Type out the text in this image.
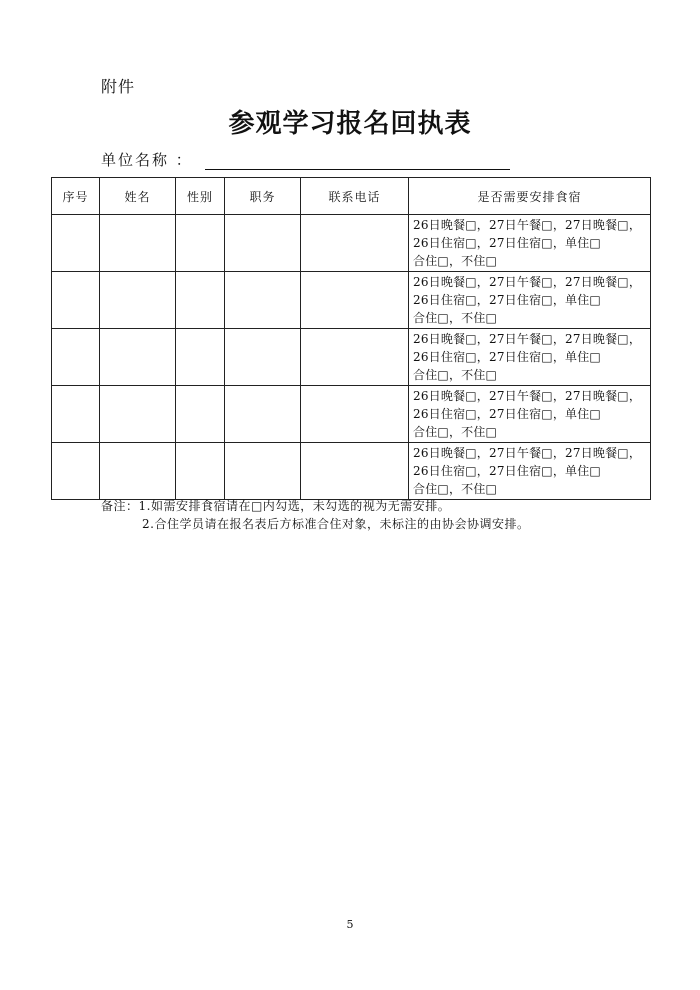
附件
参观学习报名回执表
单位名称 ：
序号	姓名	性别	职务	联系电话	是否需要安排食宿

					26日晚餐□，27日午餐□，27日晚餐□，
26日住宿□，27日住宿□，单住□
合住□，不住□

					26日晚餐□，27日午餐□，27日晚餐□，
26日住宿□，27日住宿□，单住□
合住□，不住□

					26日晚餐□，27日午餐□，27日晚餐□，
26日住宿□，27日住宿□，单住□
合住□，不住□

					26日晚餐□，27日午餐□，27日晚餐□，
26日住宿□，27日住宿□，单住□
合住□，不住□

					26日晚餐□，27日午餐□，27日晚餐□，
26日住宿□，27日住宿□，单住□
合住□，不住□
备注：1.如需安排食宿请在□内勾选，未勾选的视为无需安排。
2.合住学员请在报名表后方标准合住对象，未标注的由协会协调安排。
5
